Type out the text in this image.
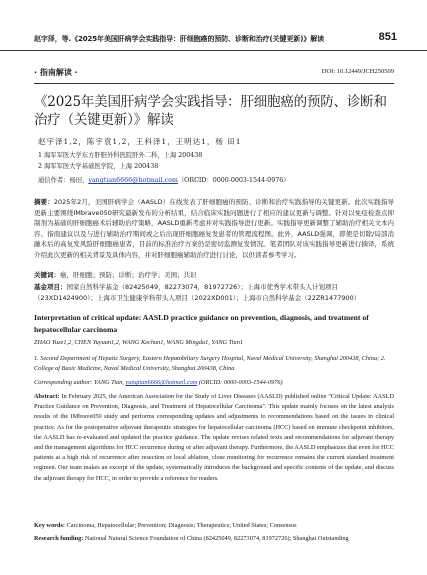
赵宇泽，等.《2025年美国肝病学会实践指导：肝细胞癌的预防、诊断和治疗(关键更新)》解读	851
· 指南解读 ·	DOI: 10.12449/JCH250509
《2025年美国肝病学会实践指导：肝细胞癌的预防、诊断和治疗（关键更新）》解读
赵宇泽1,2，陈宇袁1,2，王科泽1，王明达1，杨 田1
1 海军军医大学东方肝胆外科医院肝外二科，上海 200438
2 海军军医大学基础医学院，上海 200438
通信作者：杨田，yangtian6666@hotmail.com（ORCID：0000-0003-1544-0976）
摘要：2025年2月，美国肝病学会（AASLD）在线发表了肝细胞癌的预防、诊断和治疗实践指导的关键更新。此次实践指导更新主要围绕IMbrave050研究最新发布的分析结果，结合临床实践问题进行了相应的建议更新与调整。针对以免疫检查点抑制剂为基础的肝细胞癌术后辅助治疗策略，AASLD重新考虑并对实践指导进行更新。实践指导更新调整了辅助治疗相关文本内容、指南建议以及与进行辅助治疗期间或之后出现肝细胞癌复发患者的管理流程图。此外，AASLD强调，即使是切除/局部消融术后的高复发风险肝细胞癌患者，目前的标准治疗方案仍是密切监测复发情况。笔者团队对该实践指导更新进行摘译，系统介绍此次更新的相关背景及具体内容，并对肝细胞癌辅助治疗进行讨论，以供读者参考学习。
关键词：癌，肝细胞；预防；诊断；治疗学；美国；共识
基金项目：国家自然科学基金（82425049，82273074，81972726）；上海市优秀学术带头人计划项目（23XD1424900）；上海市卫生健康学科带头人项目（2022XD001）；上海市自然科学基金（22ZR1477900）
Interpretation of critical update: AASLD practice guidance on prevention, diagnosis, and treatment of hepatocellular carcinoma
ZHAO Yuze1,2, CHEN Yuyuan1,2, WANG Kechun1, WANG Mingda1, YANG Tian1
1. Second Department of Hepatic Surgery, Eastern Hepatobiliary Surgery Hospital, Naval Medical University, Shanghai 200438, China; 2. College of Basic Medicine, Naval Medical University, Shanghai 200438, China
Corresponding author: YANG Tian, yangtian6666@hotmail.com (ORCID: 0000-0003-1544-0976)
Abstract: In February 2025, the American Association for the Study of Liver Diseases (AASLD) published online "Critical Update: AASLD Practice Guidance on Prevention, Diagnosis, and Treatment of Hepatocellular Carcinoma". This update mainly focuses on the latest analysis results of the IMbrave050 study and performs corresponding updates and adjustments to recommendations based on the issues in clinical practice. As for the postoperative adjuvant therapeutic strategies for hepatocellular carcinoma (HCC) based on immune checkpoint inhibitors, the AASLD has re-evaluated and updated the practice guidance. The update revises related texts and recommendations for adjuvant therapy and the management algorithms for HCC recurrence during or after adjuvant therapy. Furthermore, the AASLD emphasizes that even for HCC patients at a high risk of recurrence after resection or local ablation, close monitoring for recurrence remains the current standard treatment regimen. Our team makes an excerpt of the update, systematically introduces the background and specific contents of the update, and discuss the adjuvant therapy for HCC, in order to provide a reference for readers.
Key words: Carcinoma, Hepatocellular; Prevention; Diagnosis; Therapeutics; United States; Consensus
Research funding: National Natural Science Foundation of China (82425049, 82273074, 81972726); Shanghai Outstanding
